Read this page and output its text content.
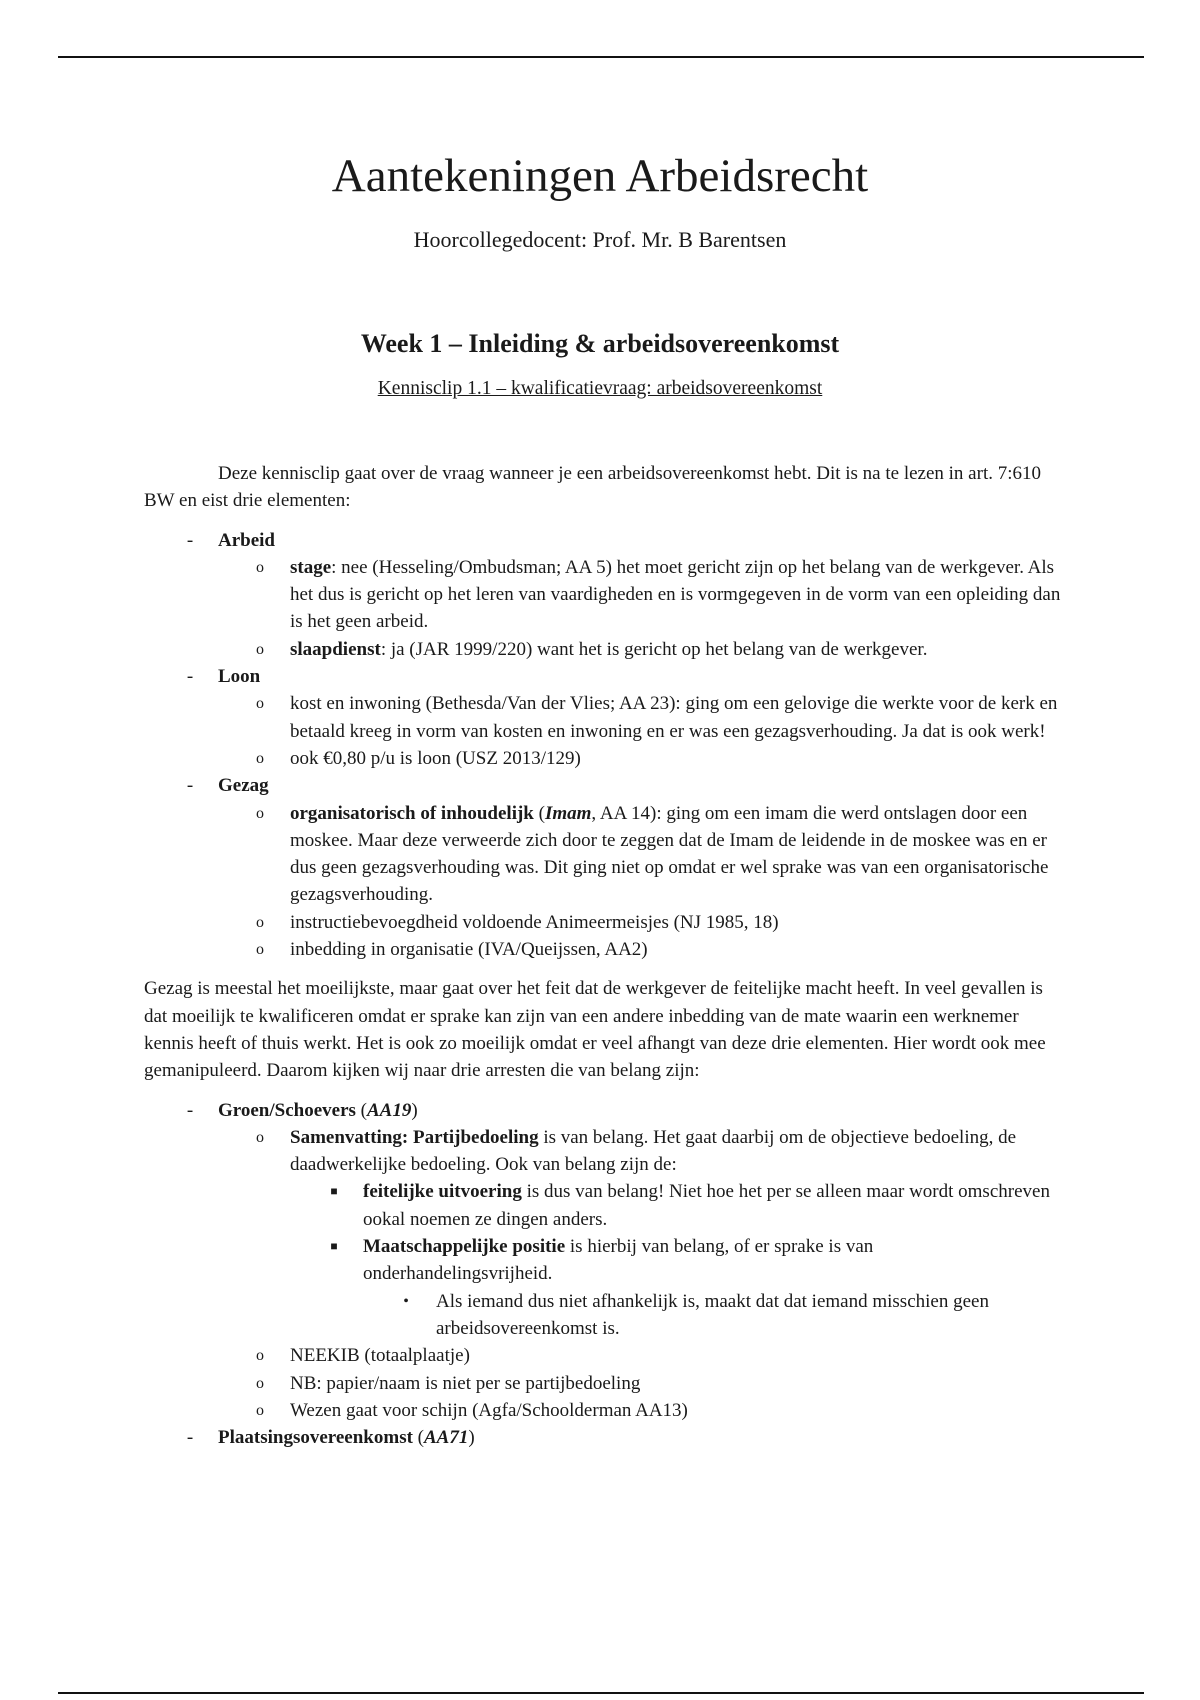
Aantekeningen Arbeidsrecht
Hoorcollegedocent: Prof. Mr. B Barentsen
Week 1 – Inleiding & arbeidsovereenkomst
Kennisclip 1.1 – kwalificatievraag: arbeidsovereenkomst

Deze kennisclip gaat over de vraag wanneer je een arbeidsovereenkomst hebt. Dit is na te lezen in art. 7:610 BW en eist drie elementen:

-	Arbeid
o	stage: nee (Hesseling/Ombudsman; AA 5) het moet gericht zijn op het belang van de werkgever. Als het dus is gericht op het leren van vaardigheden en is vormgegeven in de vorm van een opleiding dan is het geen arbeid.
o	slaapdienst: ja (JAR 1999/220) want het is gericht op het belang van de werkgever.
-	Loon
o	kost en inwoning (Bethesda/Van der Vlies; AA 23): ging om een gelovige die werkte voor de kerk en betaald kreeg in vorm van kosten en inwoning en er was een gezagsverhouding. Ja dat is ook werk!
o	ook €0,80 p/u is loon (USZ 2013/129)
-	Gezag
o	organisatorisch of inhoudelijk (Imam, AA 14): ging om een imam die werd ontslagen door een moskee. Maar deze verweerde zich door te zeggen dat de Imam de leidende in de moskee was en er dus geen gezagsverhouding was. Dit ging niet op omdat er wel sprake was van een organisatorische gezagsverhouding.
o	instructiebevoegdheid voldoende Animeermeisjes (NJ 1985, 18)
o	inbedding in organisatie (IVA/Queijssen, AA2)

Gezag is meestal het moeilijkste, maar gaat over het feit dat de werkgever de feitelijke macht heeft. In veel gevallen is dat moeilijk te kwalificeren omdat er sprake kan zijn van een andere inbedding van de mate waarin een werknemer kennis heeft of thuis werkt. Het is ook zo moeilijk omdat er veel afhangt van deze drie elementen. Hier wordt ook mee gemanipuleerd. Daarom kijken wij naar drie arresten die van belang zijn:

-	Groen/Schoevers (AA19)
o	Samenvatting: Partijbedoeling is van belang. Het gaat daarbij om de objectieve bedoeling, de daadwerkelijke bedoeling. Ook van belang zijn de:
■	feitelijke uitvoering is dus van belang! Niet hoe het per se alleen maar wordt omschreven ookal noemen ze dingen anders.
■	Maatschappelijke positie is hierbij van belang, of er sprake is van onderhandelingsvrijheid.
•	Als iemand dus niet afhankelijk is, maakt dat dat iemand misschien geen arbeidsovereenkomst is.
o	NEEKIB (totaalplaatje)
o	NB: papier/naam is niet per se partijbedoeling
o	Wezen gaat voor schijn (Agfa/Schoolderman AA13)
-	Plaatsingsovereenkomst (AA71)
